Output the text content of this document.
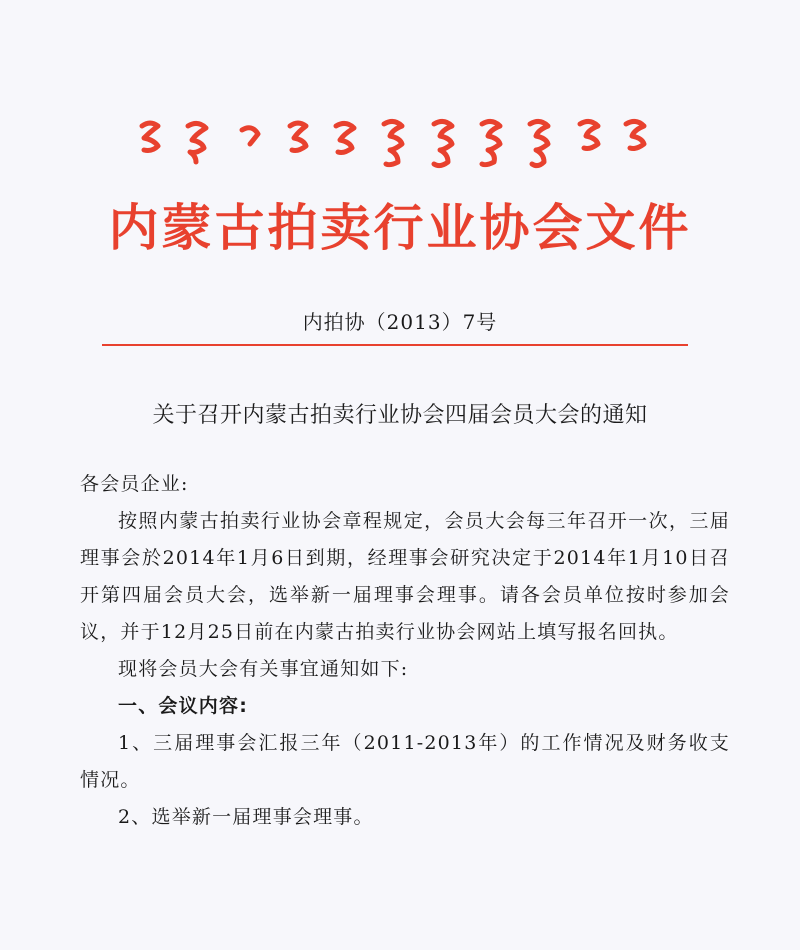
内蒙古拍卖行业协会文件
内拍协（2013）7号
关于召开内蒙古拍卖行业协会四届会员大会的通知

各会员企业:

按照内蒙古拍卖行业协会章程规定，会员大会每三年召开一次，三届理事会於2014年1月6日到期，经理事会研究决定于2014年1月10日召开第四届会员大会，选举新一届理事会理事。请各会员单位按时参加会议，并于12月25日前在内蒙古拍卖行业协会网站上填写报名回执。

现将会员大会有关事宜通知如下:

一、会议内容:

1、三届理事会汇报三年（2011-2013年）的工作情况及财务收支情况。

2、选举新一届理事会理事。
